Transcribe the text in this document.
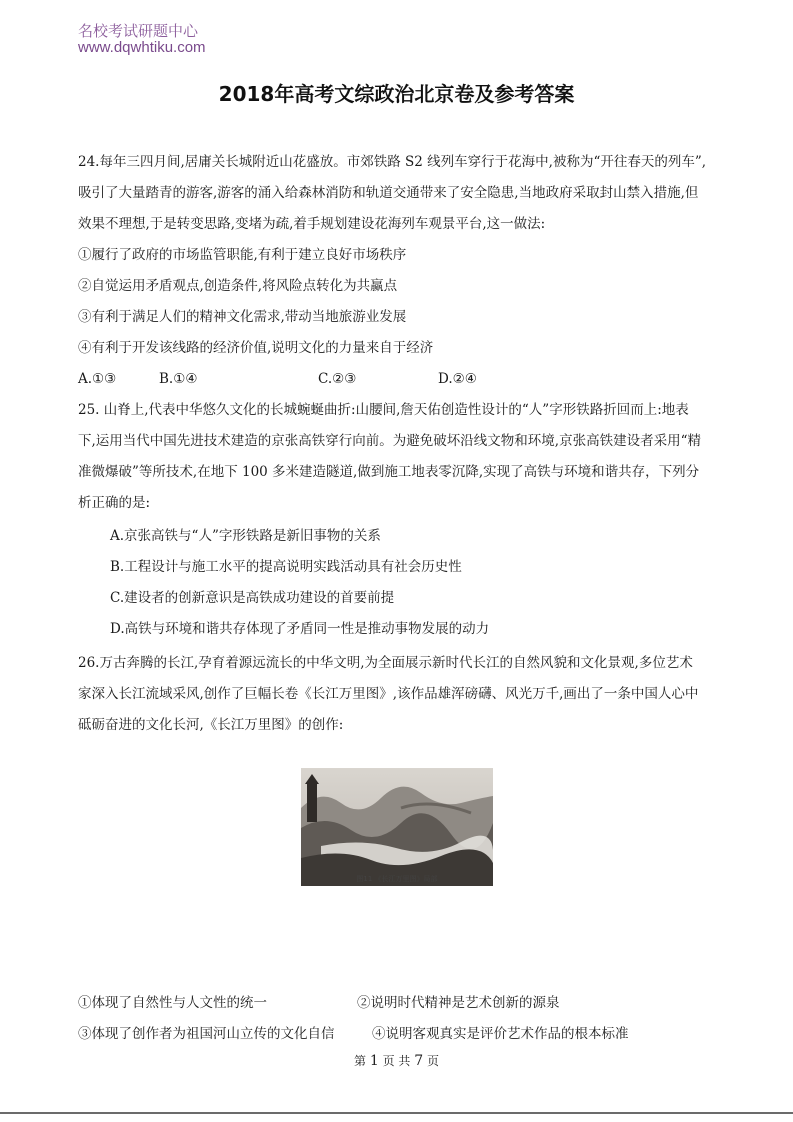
名校考试研题中心
www.dqwhtiku.com
2018年高考文综政治北京卷及参考答案
24.每年三四月间,居庸关长城附近山花盛放。市郊铁路 S2 线列车穿行于花海中,被称为“开往春天的列车”,
吸引了大量踏青的游客,游客的涌入给森林消防和轨道交通带来了安全隐患,当地政府采取封山禁入措施,但
效果不理想,于是转变思路,变堵为疏,着手规划建设花海列车观景平台,这一做法:
①履行了政府的市场监管职能,有利于建立良好市场秩序
②自觉运用矛盾观点,创造条件,将风险点转化为共赢点
③有利于满足人们的精神文化需求,带动当地旅游业发展
④有利于开发该线路的经济价值,说明文化的力量来自于经济
A.①③	B.①④	C.②③	D.②④
25. 山脊上,代表中华悠久文化的长城蜿蜒曲折:山腰间,詹天佑创造性设计的“人”字形铁路折回而上:地表
下,运用当代中国先进技术建造的京张高铁穿行向前。为避免破坏沿线文物和环境,京张高铁建设者采用“精
准微爆破”等所技术,在地下 100 多米建造隧道,做到施工地表零沉降,实现了高铁与环境和谐共存，下列分
析正确的是:
A.京张高铁与“人”字形铁路是新旧事物的关系
B.工程设计与施工水平的提高说明实践活动具有社会历史性
C.建设者的创新意识是高铁成功建设的首要前提
D.高铁与环境和谐共存体现了矛盾同一性是推动事物发展的动力
26.万古奔腾的长江,孕育着源远流长的中华文明,为全面展示新时代长江的自然风貌和文化景观,多位艺术
家深入长江流域采风,创作了巨幅长卷《长江万里图》,该作品雄浑磅礴、风光万千,画出了一条中国人心中
砥砺奋进的文化长河,《长江万里图》的创作:
图11 《长江万里图》局部
①体现了自然性与人文性的统一	②说明时代精神是艺术创新的源泉
③体现了创作者为祖国河山立传的文化自信	④说明客观真实是评价艺术作品的根本标准
第 1 页 共 7 页
